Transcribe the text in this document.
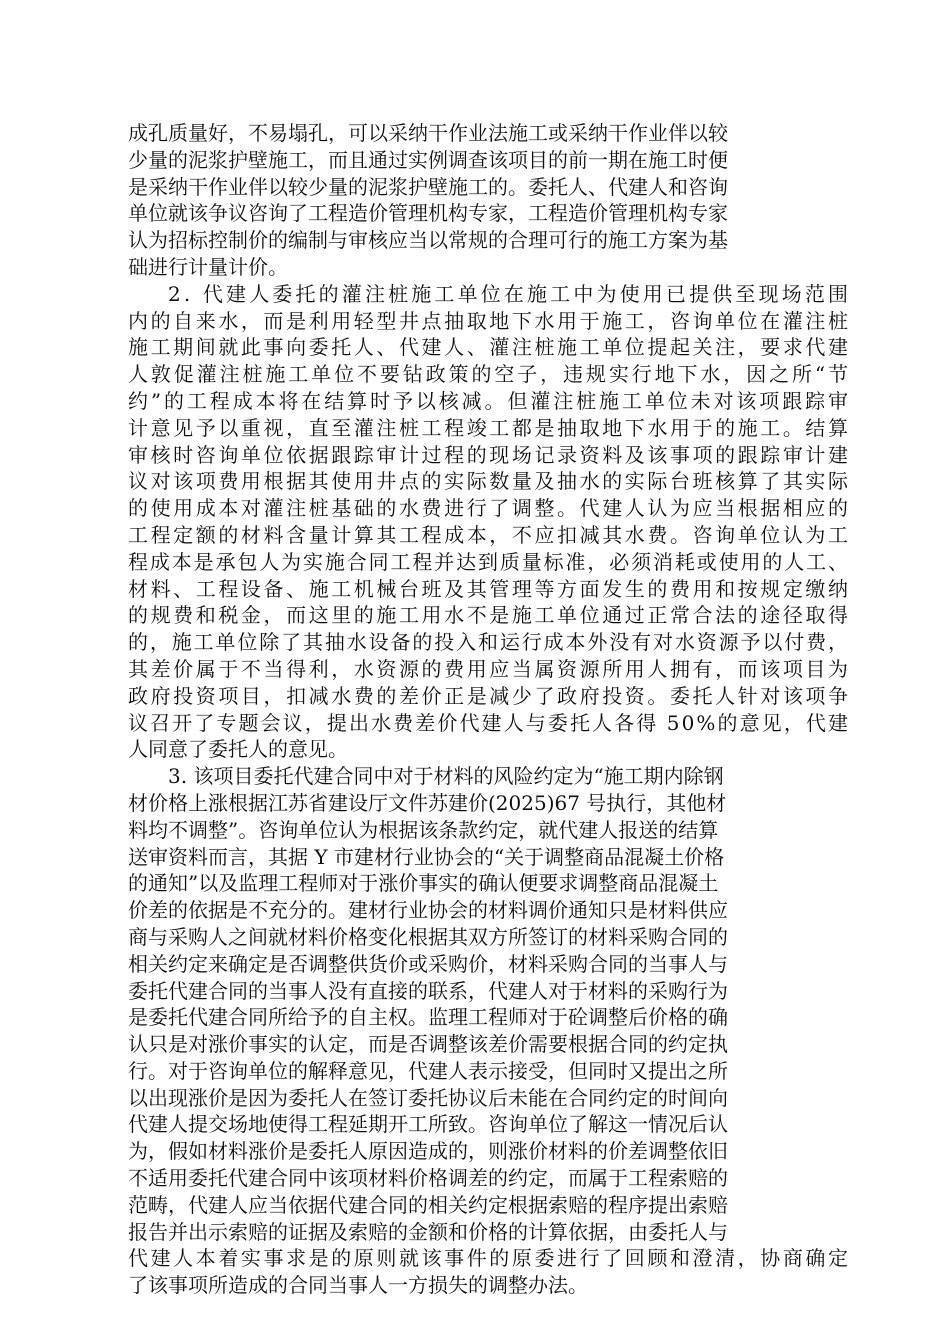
成孔质量好，不易塌孔，可以采纳干作业法施工或采纳干作业伴以较
少量的泥浆护壁施工，而且通过实例调查该项目的前一期在施工时便
是采纳干作业伴以较少量的泥浆护壁施工的。委托人、代建人和咨询
单位就该争议咨询了工程造价管理机构专家，工程造价管理机构专家
认为招标控制价的编制与审核应当以常规的合理可行的施工方案为基
础进行计量计价。
2. 代建人委托的灌注桩施工单位在施工中为使用已提供至现场范围
内的自来水，而是利用轻型井点抽取地下水用于施工，咨询单位在灌注桩
施工期间就此事向委托人、代建人、灌注桩施工单位提起关注，要求代建
人敦促灌注桩施工单位不要钻政策的空子，违规实行地下水，因之所“节
约”的工程成本将在结算时予以核减。但灌注桩施工单位未对该项跟踪审
计意见予以重视，直至灌注桩工程竣工都是抽取地下水用于的施工。结算
审核时咨询单位依据跟踪审计过程的现场记录资料及该事项的跟踪审计建
议对该项费用根据其使用井点的实际数量及抽水的实际台班核算了其实际
的使用成本对灌注桩基础的水费进行了调整。代建人认为应当根据相应的
工程定额的材料含量计算其工程成本，不应扣减其水费。咨询单位认为工
程成本是承包人为实施合同工程并达到质量标准，必须消耗或使用的人工、
材料、工程设备、施工机械台班及其管理等方面发生的费用和按规定缴纳
的规费和税金，而这里的施工用水不是施工单位通过正常合法的途径取得
的，施工单位除了其抽水设备的投入和运行成本外没有对水资源予以付费，
其差价属于不当得利，水资源的费用应当属资源所用人拥有，而该项目为
政府投资项目，扣减水费的差价正是减少了政府投资。委托人针对该项争
议召开了专题会议，提出水费差价代建人与委托人各得 50%的意见，代建
人同意了委托人的意见。
3. 该项目委托代建合同中对于材料的风险约定为“施工期内除钢
材价格上涨根据江苏省建设厅文件苏建价(2025)67 号执行，其他材
料均不调整”。咨询单位认为根据该条款约定，就代建人报送的结算
送审资料而言，其据 Y 市建材行业协会的“关于调整商品混凝土价格
的通知”以及监理工程师对于涨价事实的确认便要求调整商品混凝土
价差的依据是不充分的。建材行业协会的材料调价通知只是材料供应
商与采购人之间就材料价格变化根据其双方所签订的材料采购合同的
相关约定来确定是否调整供货价或采购价，材料采购合同的当事人与
委托代建合同的当事人没有直接的联系，代建人对于材料的采购行为
是委托代建合同所给予的自主权。监理工程师对于砼调整后价格的确
认只是对涨价事实的认定，而是否调整该差价需要根据合同的约定执
行。对于咨询单位的解释意见，代建人表示接受，但同时又提出之所
以出现涨价是因为委托人在签订委托协议后未能在合同约定的时间向
代建人提交场地使得工程延期开工所致。咨询单位了解这一情况后认
为，假如材料涨价是委托人原因造成的，则涨价材料的价差调整依旧
不适用委托代建合同中该项材料价格调差的约定，而属于工程索赔的
范畴，代建人应当依据代建合同的相关约定根据索赔的程序提出索赔
报告并出示索赔的证据及索赔的金额和价格的计算依据，由委托人与
代建人本着实事求是的原则就该事件的原委进行了回顾和澄清，协商确定
了该事项所造成的合同当事人一方损失的调整办法。
